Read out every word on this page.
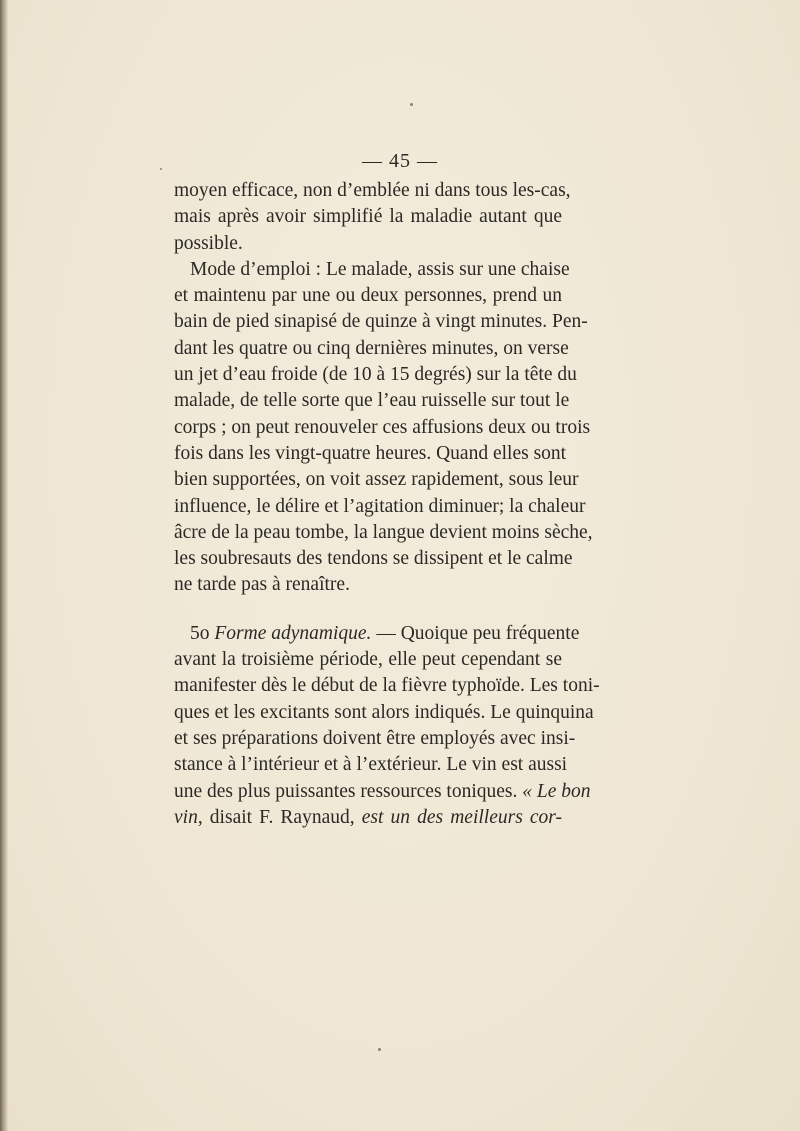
— 45 —
moyen efficace, non d’emblée ni dans tous les-cas,
mais après avoir simplifié la maladie autant que
possible.
Mode d’emploi : Le malade, assis sur une chaise
et maintenu par une ou deux personnes, prend un
bain de pied sinapisé de quinze à vingt minutes. Pen-
dant les quatre ou cinq dernières minutes, on verse
un jet d’eau froide (de 10 à 15 degrés) sur la tête du
malade, de telle sorte que l’eau ruisselle sur tout le
corps ; on peut renouveler ces affusions deux ou trois
fois dans les vingt-quatre heures. Quand elles sont
bien supportées, on voit assez rapidement, sous leur
influence, le délire et l’agitation diminuer; la chaleur
âcre de la peau tombe, la langue devient moins sèche,
les soubresauts des tendons se dissipent et le calme
ne tarde pas à renaître.
5o Forme adynamique. — Quoique peu fréquente
avant la troisième période, elle peut cependant se
manifester dès le début de la fièvre typhoïde. Les toni-
ques et les excitants sont alors indiqués. Le quinquina
et ses préparations doivent être employés avec insi-
stance à l’intérieur et à l’extérieur. Le vin est aussi
une des plus puissantes ressources toniques. « Le bon
vin, disait F. Raynaud, est un des meilleurs cor-
